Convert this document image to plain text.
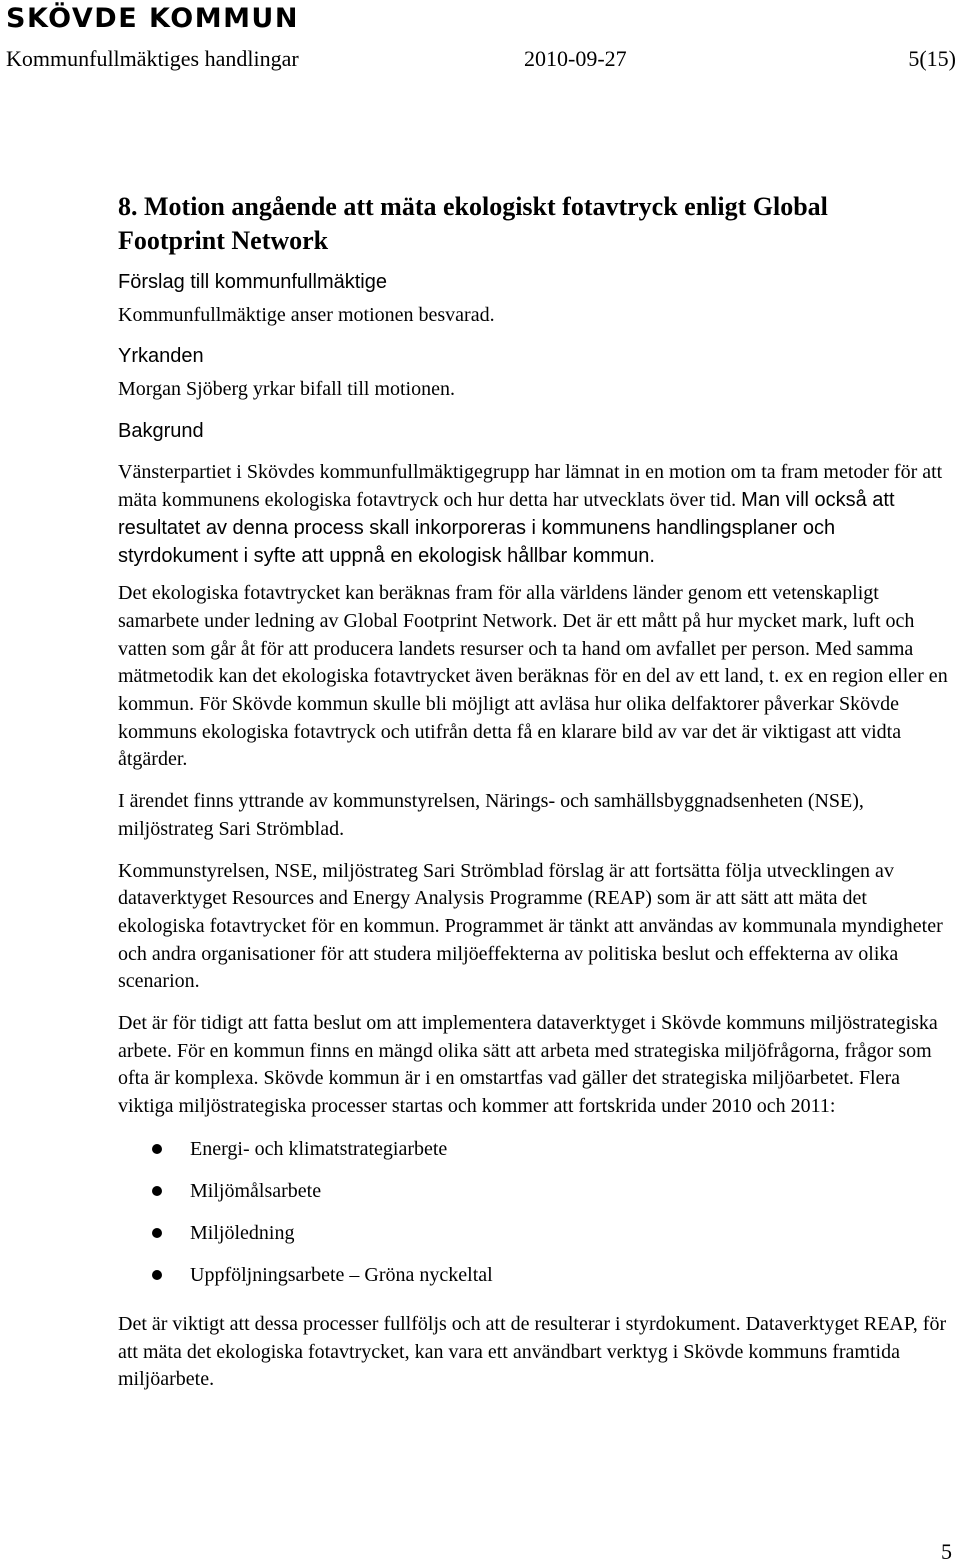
SKÖVDE KOMMUN
Kommunfullmäktiges handlingar	2010-09-27	5(15)
8. Motion angående att mäta ekologiskt fotavtryck enligt Global
Footprint Network
Förslag till kommunfullmäktige

Kommunfullmäktige anser motionen besvarad.

Yrkanden

Morgan Sjöberg yrkar bifall till motionen.

Bakgrund

Vänsterpartiet i Skövdes kommunfullmäktigegrupp har lämnat in en motion om ta fram metoder för att mäta kommunens ekologiska fotavtryck och hur detta har utvecklats över tid. Man vill också att resultatet av denna process skall inkorporeras i kommunens handlingsplaner och styrdokument i syfte att uppnå en ekologisk hållbar kommun.

Det ekologiska fotavtrycket kan beräknas fram för alla världens länder genom ett vetenskapligt samarbete under ledning av Global Footprint Network. Det är ett mått på hur mycket mark, luft och vatten som går åt för att producera landets resurser och ta hand om avfallet per person. Med samma mätmetodik kan det ekologiska fotavtrycket även beräknas för en del av ett land, t. ex en region eller en kommun. För Skövde kommun skulle bli möjligt att avläsa hur olika delfaktorer påverkar Skövde kommuns ekologiska fotavtryck och utifrån detta få en klarare bild av var det är viktigast att vidta åtgärder.

I ärendet finns yttrande av kommunstyrelsen, Närings- och samhällsbyggnadsenheten (NSE), miljöstrateg Sari Strömblad.

Kommunstyrelsen, NSE, miljöstrateg Sari Strömblad förslag är att fortsätta följa utvecklingen av dataverktyget Resources and Energy Analysis Programme (REAP) som är att sätt att mäta det ekologiska fotavtrycket för en kommun. Programmet är tänkt att användas av kommunala myndigheter och andra organisationer för att studera miljöeffekterna av politiska beslut och effekterna av olika scenarion.

Det är för tidigt att fatta beslut om att implementera dataverktyget i Skövde kommuns miljöstrategiska arbete. För en kommun finns en mängd olika sätt att arbeta med strategiska miljöfrågorna, frågor som ofta är komplexa. Skövde kommun är i en omstartfas vad gäller det strategiska miljöarbetet. Flera viktiga miljöstrategiska processer startas och kommer att fortskrida under 2010 och 2011:

Energi- och klimatstrategiarbete
Miljömålsarbete
Miljöledning
Uppföljningsarbete – Gröna nyckeltal

Det är viktigt att dessa processer fullföljs och att de resulterar i styrdokument. Dataverktyget REAP, för att mäta det ekologiska fotavtrycket, kan vara ett användbart verktyg i Skövde kommuns framtida miljöarbete.

5
